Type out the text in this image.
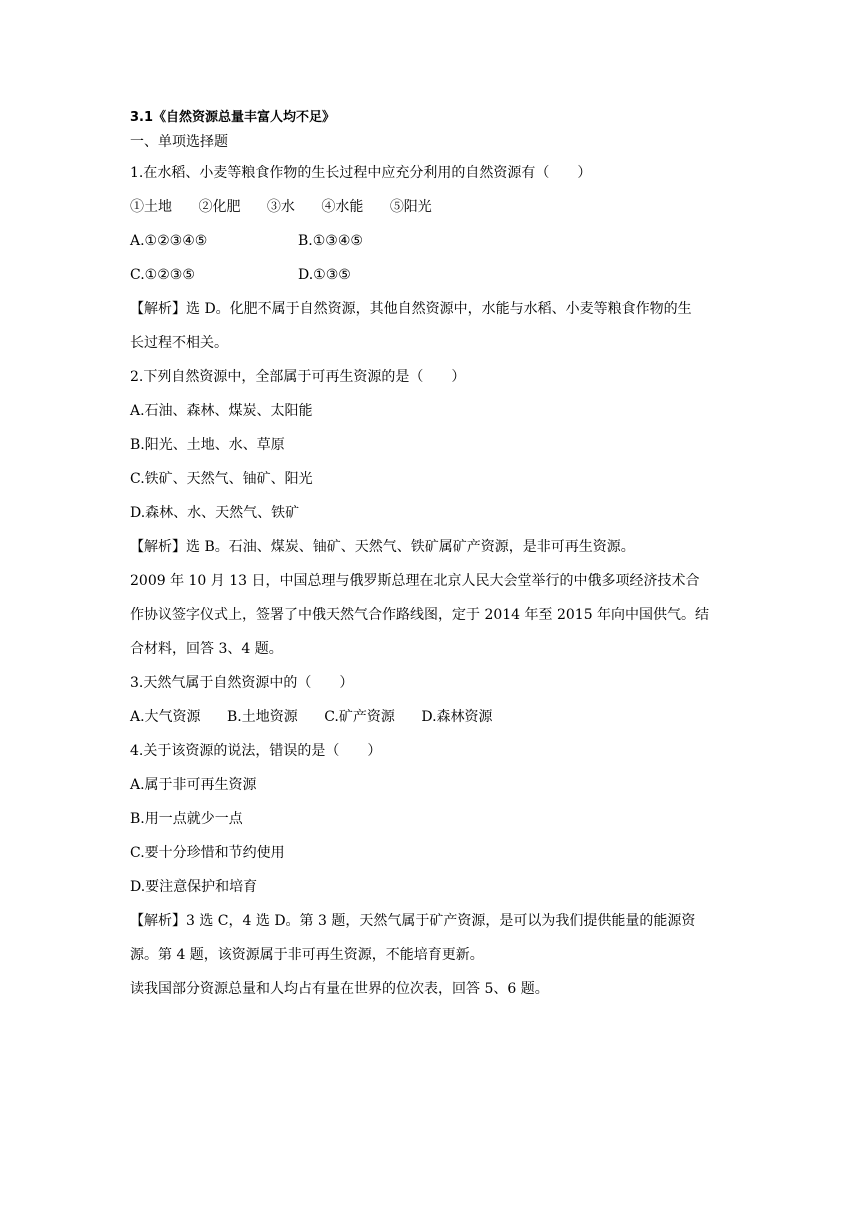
3.1《自然资源总量丰富人均不足》
一、单项选择题
1.在水稻、小麦等粮食作物的生长过程中应充分利用的自然资源有（　　）
①土地 ②化肥 ③水 ④水能 ⑤阳光
A.①②③④⑤	B.①③④⑤
C.①②③⑤	D.①③⑤
【解析】选 D。化肥不属于自然资源，其他自然资源中，水能与水稻、小麦等粮食作物的生
长过程不相关。
2.下列自然资源中，全部属于可再生资源的是（　　）
A.石油、森林、煤炭、太阳能
B.阳光、土地、水、草原
C.铁矿、天然气、铀矿、阳光
D.森林、水、天然气、铁矿
【解析】选 B。石油、煤炭、铀矿、天然气、铁矿属矿产资源，是非可再生资源。
2009 年 10 月 13 日，中国总理与俄罗斯总理在北京人民大会堂举行的中俄多项经济技术合
作协议签字仪式上，签署了中俄天然气合作路线图，定于 2014 年至 2015 年向中国供气。结
合材料，回答 3、4 题。
3.天然气属于自然资源中的（　　）
A.大气资源 B.土地资源 C.矿产资源 D.森林资源
4.关于该资源的说法，错误的是（　　）
A.属于非可再生资源
B.用一点就少一点
C.要十分珍惜和节约使用
D.要注意保护和培育
【解析】3 选 C，4 选 D。第 3 题，天然气属于矿产资源，是可以为我们提供能量的能源资
源。第 4 题，该资源属于非可再生资源，不能培育更新。
读我国部分资源总量和人均占有量在世界的位次表，回答 5、6 题。
